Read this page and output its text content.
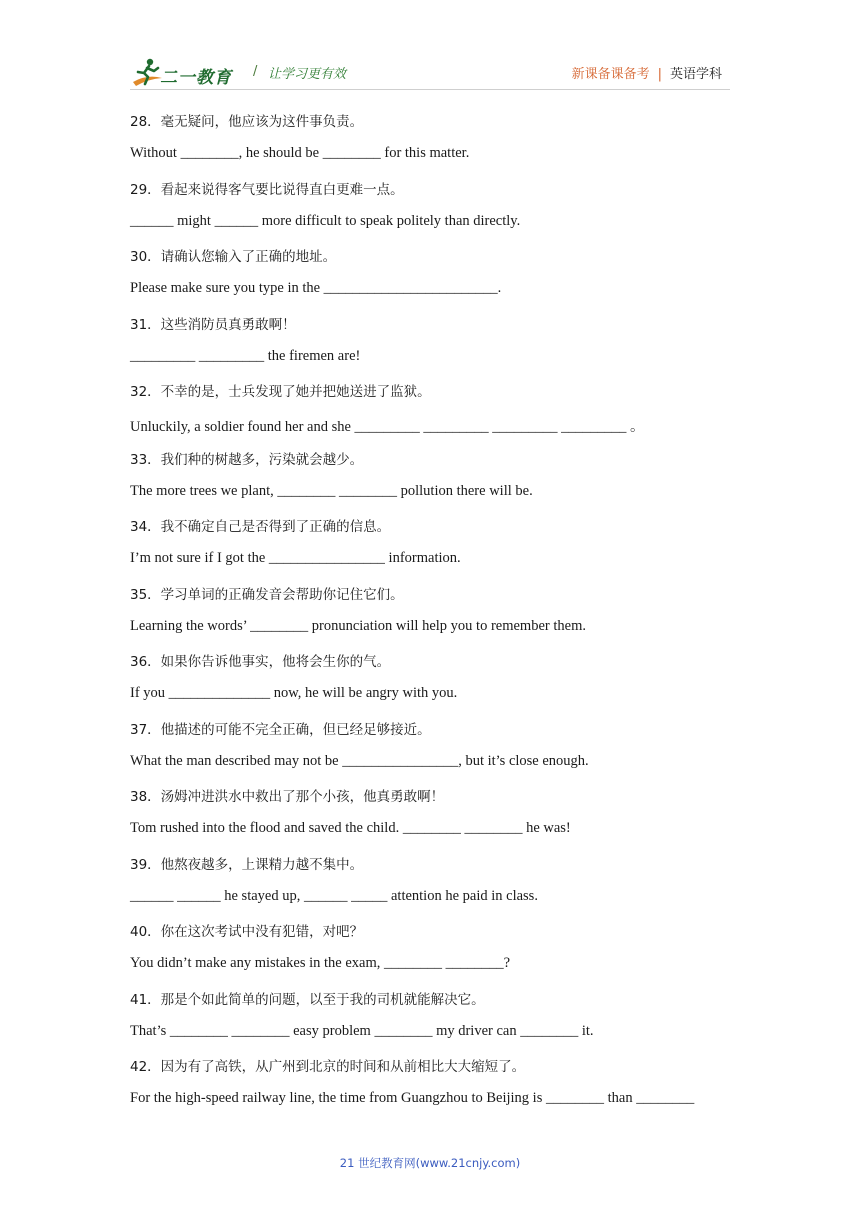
二一教育 / 让学习更有效	新课备课备考 | 英语学科
28．毫无疑问，他应该为这件事负责。
Without ________, he should be ________ for this matter.
29．看起来说得客气要比说得直白更难一点。
______ might ______ more difficult to speak politely than directly.
30．请确认您输入了正确的地址。
Please make sure you type in the ________________________.
31．这些消防员真勇敢啊！
_________ _________ the firemen are!
32．不幸的是，士兵发现了她并把她送进了监狱。
Unluckily, a soldier found her and she _________ _________ _________ _________ 。
33．我们种的树越多，污染就会越少。
The more trees we plant, ________ ________ pollution there will be.
34．我不确定自己是否得到了正确的信息。
I’m not sure if I got the ________________ information.
35．学习单词的正确发音会帮助你记住它们。
Learning the words’ ________ pronunciation will help you to remember them.
36．如果你告诉他事实，他将会生你的气。
If you ______________ now, he will be angry with you.
37．他描述的可能不完全正确，但已经足够接近。
What the man described may not be ________________, but it’s close enough.
38．汤姆冲进洪水中救出了那个小孩，他真勇敢啊！
Tom rushed into the flood and saved the child. ________ ________ he was!
39．他熬夜越多，上课精力越不集中。
______ ______ he stayed up, ______ _____ attention he paid in class.
40．你在这次考试中没有犯错，对吧？
You didn’t make any mistakes in the exam, ________ ________?
41．那是个如此简单的问题，以至于我的司机就能解决它。
That’s ________ ________ easy problem ________ my driver can ________ it.
42．因为有了高铁，从广州到北京的时间和从前相比大大缩短了。
For the high-speed railway line, the time from Guangzhou to Beijing is ________ than ________
21 世纪教育网(www.21cnjy.com)
